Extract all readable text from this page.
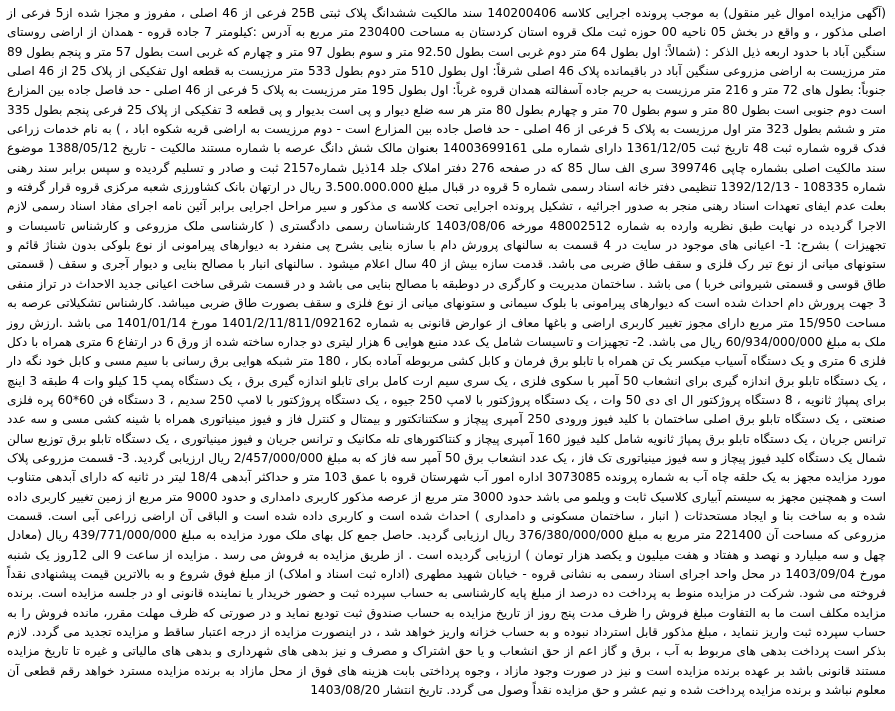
(آگهی مزایده اموال غیر منقول) به موجب پرونده اجرایی کلاسه 140200406 سند مالکیت ششدانگ پلاک ثبتی 25B فرعی از 46 اصلی ، مفروز و مجزا شده از5 فرعی از اصلی مذکور ، و واقع در بخش 05 ناحیه 00 حوزه ثبت ملک قروه استان کردستان به مساحت 230400 متر مربع به آدرس :کیلومتر 7 جاده قروه - همدان از اراضی روستای سنگین آباد با حدود اربعه ذیل الذکر : (شمالاً: اول بطول 64 متر دوم غربی است بطول 92.50 متر و سوم بطول 97 متر و چهارم که غربی است بطول 57 متر و پنجم بطول 89 متر مرزیست به اراضی مزروعی سنگین آباد در باقیمانده پلاک 46 اصلی شرقاً: اول بطول 510 متر دوم بطول 533 متر مرزیست به قطعه اول تفکیکی از پلاک 25 از 46 اصلی جنوباً: بطول های 72 متر و 216 متر مرزیست به حریم جاده آسفالته همدان قروه غرباً: اول بطول 195 متر مرزیست به پلاک 5 فرعی از 46 اصلی - حد فاصل جاده بین المزارع است دوم جنوبی است بطول 80 متر و سوم بطول 70 متر و چهارم بطول 80 متر هر سه ضلع دیوار و پی است بدیوار و پی قطعه 3 تفکیکی از پلاک 25 فرعی پنجم بطول 335 متر و ششم بطول 323 متر اول مرزیست به پلاک 5 فرعی از 46 اصلی - حد فاصل جاده بین المزارع است - دوم مرزیست به اراضی قریه شکوه اباد ، ) به نام خدمات زراعی فدک قروه شماره ثبت 48 تاریخ ثبت 1361/12/05 دارای شماره ملی 14003699161 بعنوان مالک شش دانگ عرصه با شماره مستند مالکیت - تاریخ 1388/05/12 موضوع سند مالکیت اصلی بشماره چاپی 399746 سری الف سال 85 که در صفحه 276 دفتر املاک جلد 14ذیل شماره2157 ثبت و صادر و تسلیم گردیده و سپس برابر سند رهنی شماره 108335 - 1392/12/13 تنظیمی دفتر خانه اسناد رسمی شماره 5 قروه در قبال مبلغ 3.500.000.000 ریال در ارتهان بانک کشاورزی شعبه مرکزی قروه قرار گرفته و بعلت عدم ایفای تعهدات اسناد رهنی منجر به صدور اجرائیه ، تشکیل پرونده اجرایی تحت کلاسه ی مذکور و سیر مراحل اجرایی برابر آئین نامه اجرای مفاد اسناد رسمی لازم الاجرا گردیده در نهایت طبق نظریه وارده به شماره 48002512 مورخه 1403/08/06 کارشناسان رسمی دادگستری ( کارشناسی ملک مزروعی و کارشناس تاسیسات و تجهیزات ) بشرح: 1- اعیانی های موجود در سایت در 4 قسمت به سالنهای پرورش دام با سازه بنایی بشرح پی منفرد به دیوارهای پیرامونی از نوع بلوکی بدون شناژ قائم و ستونهای میانی از نوع تیر رک فلزی و سقف طاق ضربی می باشد. قدمت سازه بیش از 40 سال اعلام میشود . سالنهای انبار با مصالح بنایی و دیوار آجری و سقف ( قسمتی طاق قوسی و قسمتی شیروانی خربا ) می باشد . ساختمان مدیریت و کارگری در دوطبقه با مصالح بنایی می باشد و در قسمت شرقی ساخت اعیانی جدید الاحداث در تراز منفی 3 جهت پرورش دام احداث شده است که دیوارهای پیرامونی با بلوک سیمانی و ستونهای میانی از نوع فلزی و سقف بصورت طاق ضربی میباشد. کارشناس تشکیلاتی عرصه به مساحت 15/950 متر مربع دارای مجوز تغییر کاربری اراضی و باغها معاف از عوارض قانونی به شماره 1401/2/11/811/092162 مورخ 1401/01/14 می باشد .ارزش روز ملک به مبلغ 60/934/000/000 ریال می باشد. 2- تجهیزات و تاسیسات شامل یک عدد منبع هوایی 6 هزار لیتری دو جداره ساخته شده از ورق 6 در ارتفاع 6 متری همراه با دکل فلزی 6 متری و یک دستگاه آسیاب میکسر یک تن همراه با تابلو برق فرمان و کابل کشی مربوطه آماده بکار ، 180 متر شبکه هوایی برق رسانی با سیم مسی و کابل خود نگه دار ، یک دستگاه تابلو برق اندازه گیری برای انشعاب 50 آمپر با سکوی فلزی ، یک سری سیم ارت کامل برای تابلو اندازه گیری برق ، یک دستگاه پمپ 15 کیلو وات 4 طبقه 3 اینچ برای پمپاژ ثانویه ، 8 دستگاه پروژکتور ال ای دی 50 وات ، یک دستگاه پروژکتور با لامپ 250 جیوه ، یک دستگاه پروژکتور با لامپ 250 سدیم ، 3 دستگاه فن 60*60 پره فلزی صنعتی ، یک دستگاه تابلو برق اصلی ساختمان با کلید فیوز ورودی 250 آمپری پیچاز و سکتناتکتور و بیمتال و کنترل فاز و فیوز مینیاتوری همراه با شینه کشی مسی و سه عدد ترانس جریان ، یک دستگاه تابلو برق پمپاژ ثانویه شامل کلید فیوز 160 آمپری پیچاز و کنتاکتورهای تله مکانیک و ترانس جریان و فیوز مینیاتوری ، یک دستگاه تابلو برق توزیع سالن شمال یک دستگاه کلید فیوز پیچاز و سه فیوز مینیاتوری تک فاز ، یک عدد انشعاب برق 50 آمپر سه فاز که به مبلغ 2/457/000/000 ریال ارزیابی گردید. 3- قسمت مزروعی پلاک مورد مزایده مجهز به یک حلقه چاه آب به شماره پرونده 3073085 اداره امور آب شهرستان قروه با عمق 103 متر و حداکثر آبدهی 18/4 لیتر در ثانیه که دارای آبدهی متناوب است و همچنین مجهز به سیستم آبیاری کلاسیک ثابت و ویلمو می باشد حدود 3000 متر مربع از عرصه مذکور کاربری دامداری و حدود 9000 متر مربع از زمین تغییر کاربری داده شده و به ساخت بنا و ایجاد مستحدثات ( انبار ، ساختمان مسکونی و دامداری ) احداث شده است و کاربری داده شده است و الباقی آن اراضی زراعی آبی است. قسمت مزروعی که مساحت آن 221400 متر مربع به مبلغ 376/380/000/000 ریال ارزیابی گردید. حاصل جمع کل بهای ملک مورد مزایده به مبلغ 439/771/000/000 ریال (معادل چهل و سه میلیارد و نهصد و هفتاد و هفت میلیون و یکصد هزار تومان ) ارزیابی گردیده است . از طریق مزایده به فروش می رسد . مزایده از ساعت 9 الی 12روز یک شنبه مورخ 1403/09/04 در محل واحد اجرای اسناد رسمی به نشانی قروه - خیابان شهید مطهری (اداره ثبت اسناد و املاک) از مبلغ فوق شروع و به بالاترین قیمت پیشنهادی نقداً فروخته می شود. شرکت در مزایده منوط به پرداخت ده درصد از مبلغ پایه کارشناسی به حساب سپرده ثبت و حضور خریدار یا نماینده قانونی او در جلسه مزایده است. برنده مزایده مکلف است ما به التفاوت مبلغ فروش را ظرف مدت پنج روز از تاریخ مزایده به حساب صندوق ثبت تودیع نماید و در صورتی که ظرف مهلت مقرر، مانده فروش را به حساب سپرده ثبت واریز ننماید ، مبلغ مذکور قابل استرداد نبوده و به حساب خزانه واریز خواهد شد ، در اینصورت مزایده از درجه اعتبار ساقط و مزایده تجدید می گردد. لازم بذکر است پرداخت بدهی های مربوط به آب ، برق و گاز اعم از حق انشعاب و یا حق اشتراک و مصرف و نیز بدهی های شهرداری و بدهی های مالیاتی و غیره تا تاریخ مزایده مستند قانونی باشد بر عهده برنده مزایده است و نیز در صورت وجود مازاد ، وجوه پرداختی بابت هزینه های فوق از محل مازاد به برنده مزایده مسترد خواهد رقم قطعی آن معلوم نباشد و برنده مزایده پرداخت شده و نیم عشر و حق مزایده نقداً وصول می گردد. تاریخ انتشار 1403/08/20
